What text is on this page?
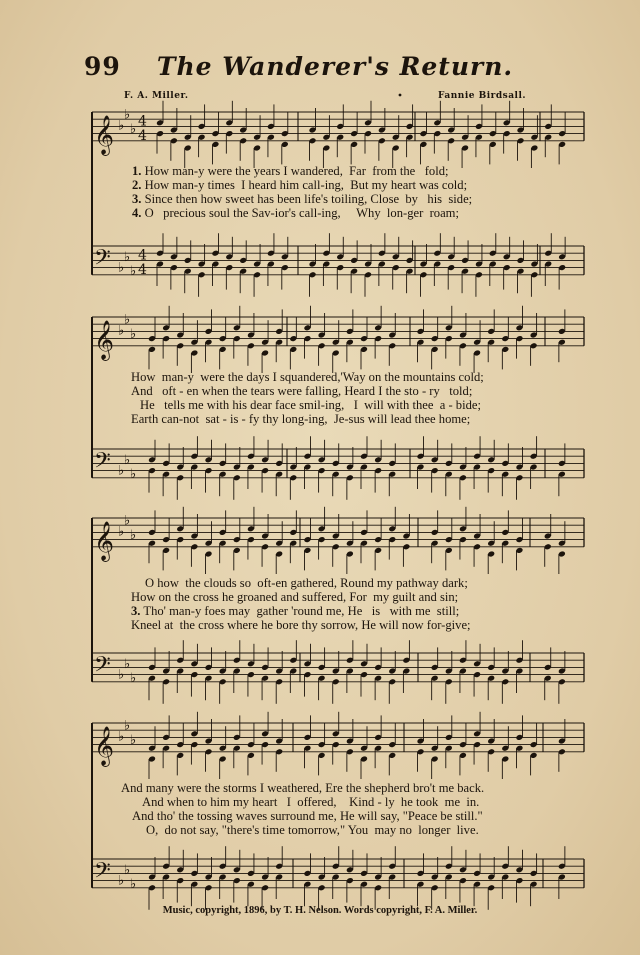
99 The Wanderer's Return.
F. A. Miller.	Fannie Birdsall.
𝄞 ♭
♭
♭
4
4
𝄢 ♭
♭
♭
4
4
𝄞 ♭
♭
♭
𝄢 ♭
♭
♭
𝄞 ♭
♭
♭
𝄢 ♭
♭
♭
𝄞 ♭
♭
♭
𝄢 ♭
♭
♭

1. How man-y were the years I wandered,  Far  from the   fold;

2. How man-y times  I heard him call-ing,  But my heart was cold;

3. Since then how sweet has been life's toiling, Close  by   his  side;

4. O   precious soul the Sav-ior's call-ing,     Why  lon-ger  roam;

How  man-y  were the days I squandered,'Way on the mountains cold;

And   oft - en when the tears were falling, Heard I the sto - ry   told;

He   tells me with his dear face smil-ing,   I  will with thee  a - bide;

Earth can-not  sat - is - fy thy long-ing,  Je-sus will lead thee home;

O how  the clouds so  oft-en gathered, Round my pathway dark;

How on the cross he groaned and suffered, For  my guilt and sin;

3. Tho' man-y foes may  gather 'round me, He   is   with me  still;

Kneel at  the cross where he bore thy sorrow, He will now for-give;

And many were the storms I weathered, Ere the shepherd bro't me back.

And when to him my heart   I  offered,    Kind - ly  he took  me  in.

And tho' the tossing waves surround me, He will say, "Peace be still."

O,  do not say, "there's time tomorrow," You  may no  longer  live.

Music, copyright, 1896, by T. H. Nelson. Words copyright, F. A. Miller.
